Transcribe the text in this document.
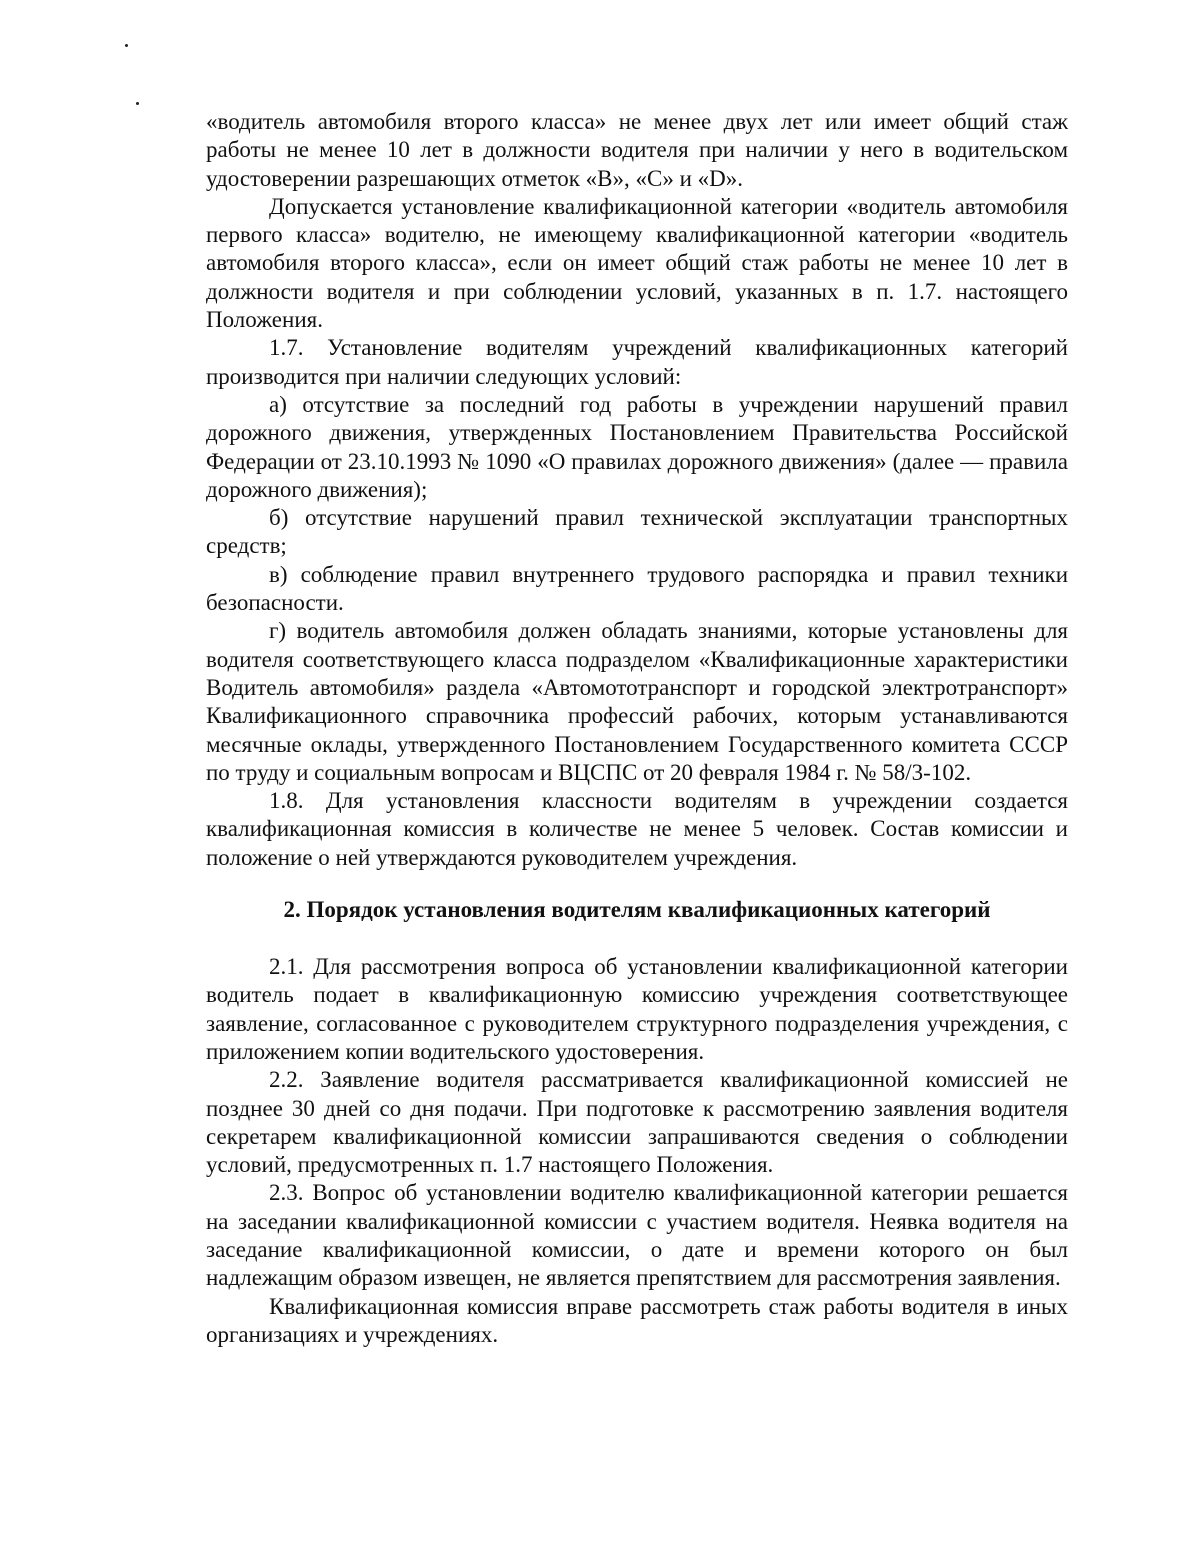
«водитель автомобиля второго класса» не менее двух лет или имеет общий стаж работы не менее 10 лет в должности водителя при наличии у него в водительском удостоверении разрешающих отметок «В», «С» и «D».

Допускается установление квалификационной категории «водитель автомобиля первого класса» водителю, не имеющему квалификационной категории «водитель автомобиля второго класса», если он имеет общий стаж работы не менее 10 лет в должности водителя и при соблюдении условий, указанных в п. 1.7. настоящего Положения.

1.7. Установление водителям учреждений квалификационных категорий производится при наличии следующих условий:

а) отсутствие за последний год работы в учреждении нарушений правил дорожного движения, утвержденных Постановлением Правительства Российской Федерации от 23.10.1993 № 1090 «О правилах дорожного движения» (далее — правила дорожного движения);

б) отсутствие нарушений правил технической эксплуатации транспортных средств;

в) соблюдение правил внутреннего трудового распорядка и правил техники безопасности.

г) водитель автомобиля должен обладать знаниями, которые установлены для водителя соответствующего класса подразделом «Квалификационные характеристики Водитель автомобиля» раздела «Автомототранспорт и городской электротранспорт» Квалификационного справочника профессий рабочих, которым устанавливаются месячные оклады, утвержденного Постановлением Государственного комитета СССР по труду и социальным вопросам и ВЦСПС от 20 февраля 1984 г. № 58/3-102.

1.8. Для установления классности водителям в учреждении создается квалификационная комиссия в количестве не менее 5 человек. Состав комиссии и положение о ней утверждаются руководителем учреждения.

2. Порядок установления водителям квалификационных категорий

2.1. Для рассмотрения вопроса об установлении квалификационной категории водитель подает в квалификационную комиссию учреждения соответствующее заявление, согласованное с руководителем структурного подразделения учреждения, с приложением копии водительского удостоверения.

2.2. Заявление водителя рассматривается квалификационной комиссией не позднее 30 дней со дня подачи. При подготовке к рассмотрению заявления водителя секретарем квалификационной комиссии запрашиваются сведения о соблюдении условий, предусмотренных п. 1.7 настоящего Положения.

2.3. Вопрос об установлении водителю квалификационной категории решается на заседании квалификационной комиссии с участием водителя. Неявка водителя на заседание квалификационной комиссии, о дате и времени которого он был надлежащим образом извещен, не является препятствием для рассмотрения заявления.

Квалификационная комиссия вправе рассмотреть стаж работы водителя в иных организациях и учреждениях.
